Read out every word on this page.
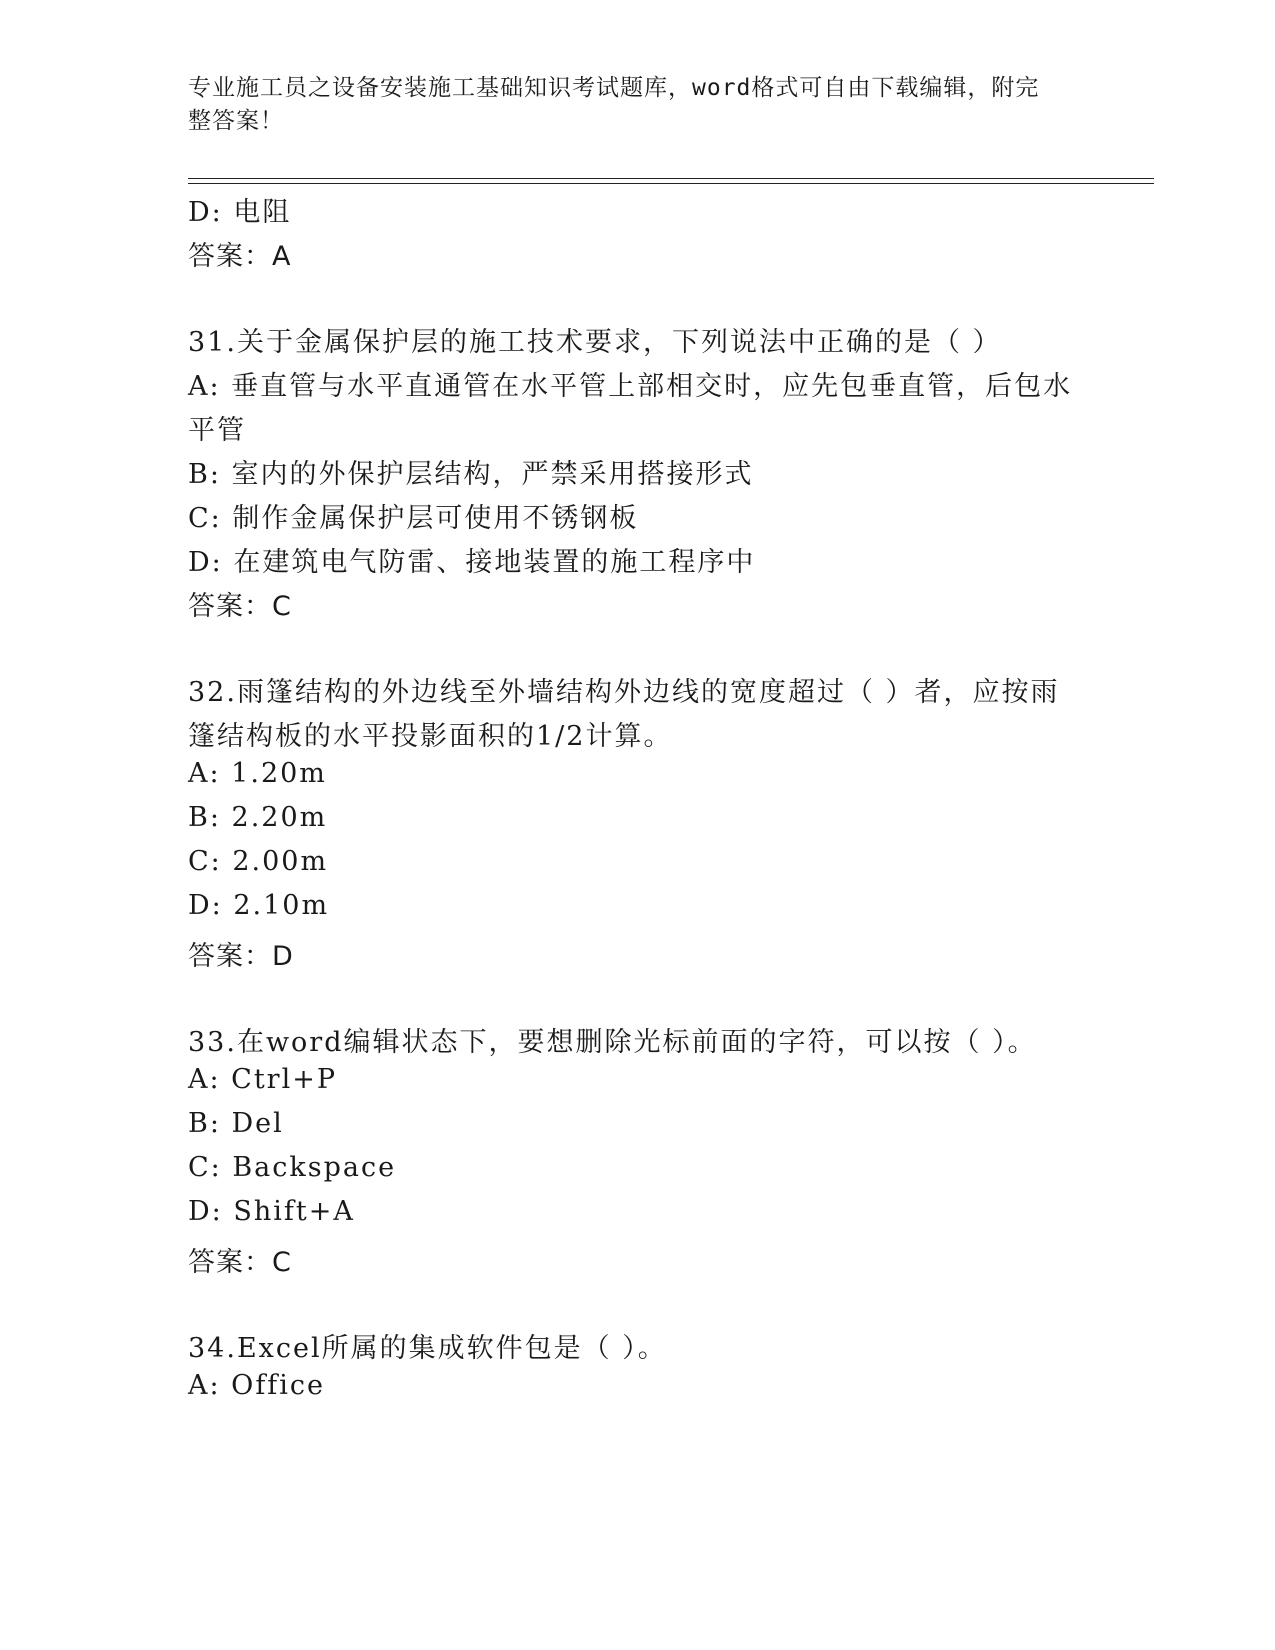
专业施工员之设备安装施工基础知识考试题库，word格式可自由下载编辑，附完
整答案！
D: 电阻
答案：A
31.关于金属保护层的施工技术要求，下列说法中正确的是（ ）
A: 垂直管与水平直通管在水平管上部相交时，应先包垂直管，后包水
平管
B: 室内的外保护层结构，严禁采用搭接形式
C: 制作金属保护层可使用不锈钢板
D: 在建筑电气防雷、接地装置的施工程序中
答案：C
32.雨篷结构的外边线至外墙结构外边线的宽度超过（ ）者，应按雨
篷结构板的水平投影面积的1/2计算。
A: 1.20m
B: 2.20m
C: 2.00m
D: 2.10m
答案：D
33.在word编辑状态下，要想删除光标前面的字符，可以按（ ）。
A: Ctrl+P
B: Del
C: Backspace
D: Shift+A
答案：C
34.Excel所属的集成软件包是（ ）。
A: Office
